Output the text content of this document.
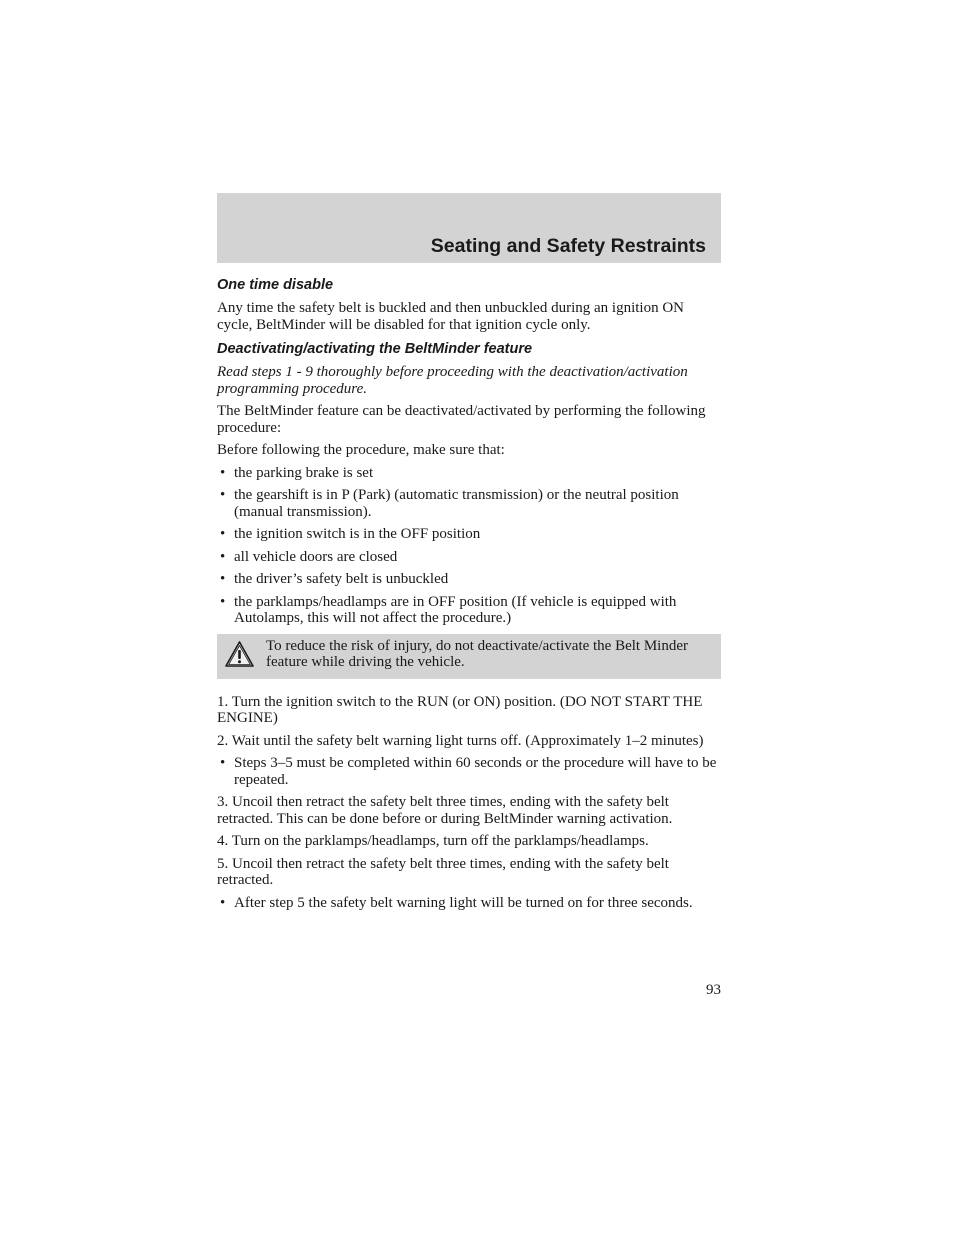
Seating and Safety Restraints
One time disable

Any time the safety belt is buckled and then unbuckled during an ignition ON cycle, BeltMinder will be disabled for that ignition cycle only.

Deactivating/activating the BeltMinder feature

Read steps 1 - 9 thoroughly before proceeding with the deactivation/activation programming procedure.

The BeltMinder feature can be deactivated/activated by performing the following procedure:

Before following the procedure, make sure that:

• the parking brake is set
• the gearshift is in P (Park) (automatic transmission) or the neutral position (manual transmission).
• the ignition switch is in the OFF position
• all vehicle doors are closed
• the driver’s safety belt is unbuckled
• the parklamps/headlamps are in OFF position (If vehicle is equipped with Autolamps, this will not affect the procedure.)

To reduce the risk of injury, do not deactivate/activate the Belt Minder feature while driving the vehicle.

1. Turn the ignition switch to the RUN (or ON) position. (DO NOT START THE ENGINE)

2. Wait until the safety belt warning light turns off. (Approximately 1–2 minutes)

• Steps 3–5 must be completed within 60 seconds or the procedure will have to be repeated.

3. Uncoil then retract the safety belt three times, ending with the safety belt retracted. This can be done before or during BeltMinder warning activation.

4. Turn on the parklamps/headlamps, turn off the parklamps/headlamps.

5. Uncoil then retract the safety belt three times, ending with the safety belt retracted.

• After step 5 the safety belt warning light will be turned on for three seconds.
93
